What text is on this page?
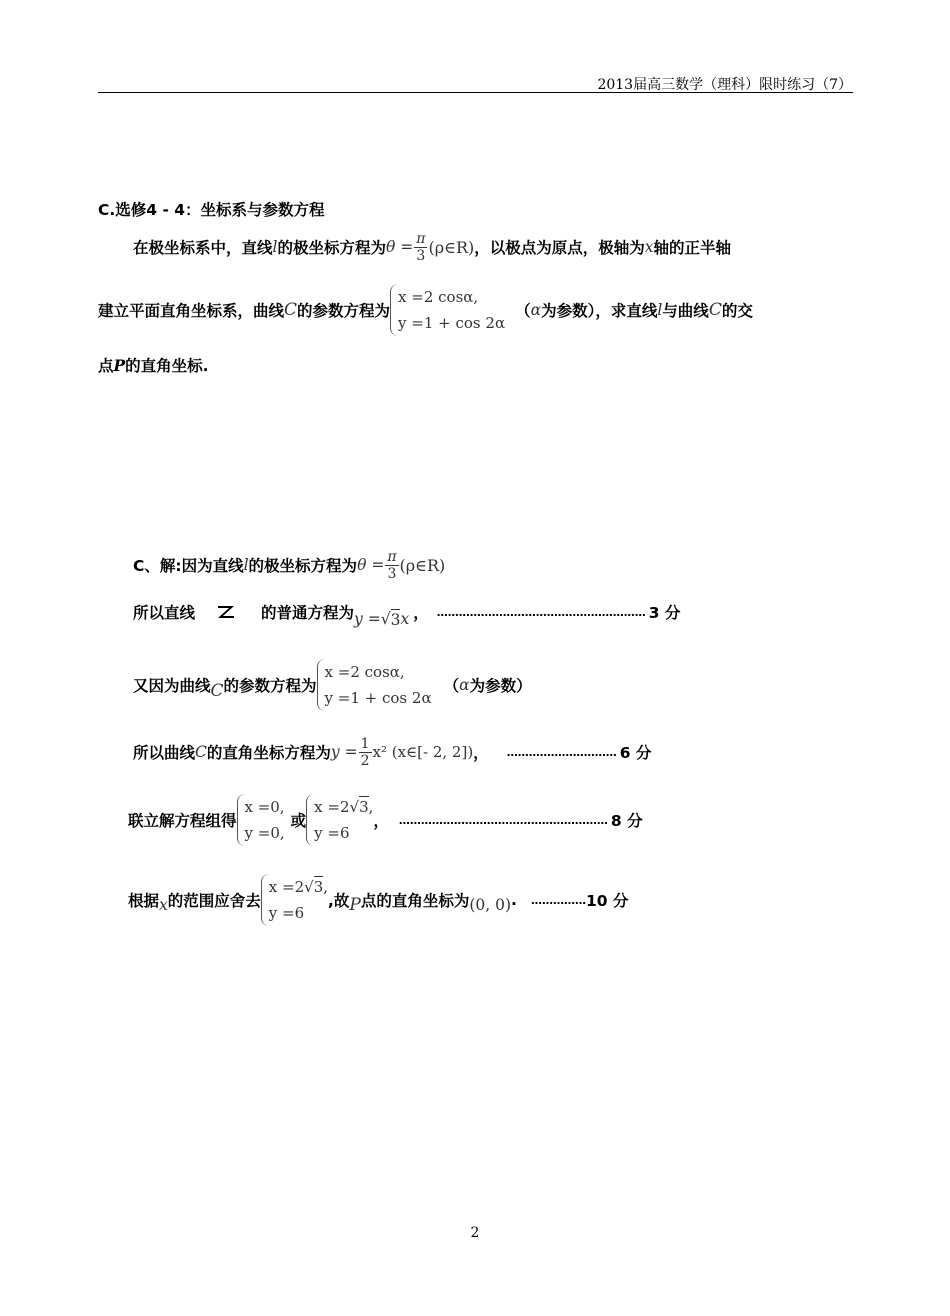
2013届高三数学（理科）限时练习（7）
C.选修4 - 4：坐标系与参数方程
在极坐标系中，直线 l 的极坐标方程为 $\theta = \frac{\pi}{3}$ (ρ∈R) ，以极点为原点，极轴为 x 轴的正半轴
建立平面直角坐标系，曲线 C 的参数方程为
x =2 cosα,
y =1 + cos 2α
（ α 为参数），求直线 l 与曲线 C 的交
点P的直角坐标.
C、解:因为直线 l 的极坐标方程为 $\theta = \frac{\pi}{3}$ (ρ∈R)
所以直线	的普通方程为 y = √ 3 x ， ………………………………………………… 3 分
又因为曲线 C 的参数方程为
x =2 cosα,
y =1 + cos 2α
（ α 为参数）
所以曲线 C 的直角坐标方程为 $y = \frac{1}{2} x^2$ (x∈[- 2, 2]) ， ………………………… 6 分
联立解方程组得
x =0,
y =0,
或
x =2√3,
y =6
， ………………………………………………… 8 分
根据 x 的范围应舍去
x =2√3,
y =6
,故 P 点的直角坐标为 (0, 0) . …………… 10 分
2
